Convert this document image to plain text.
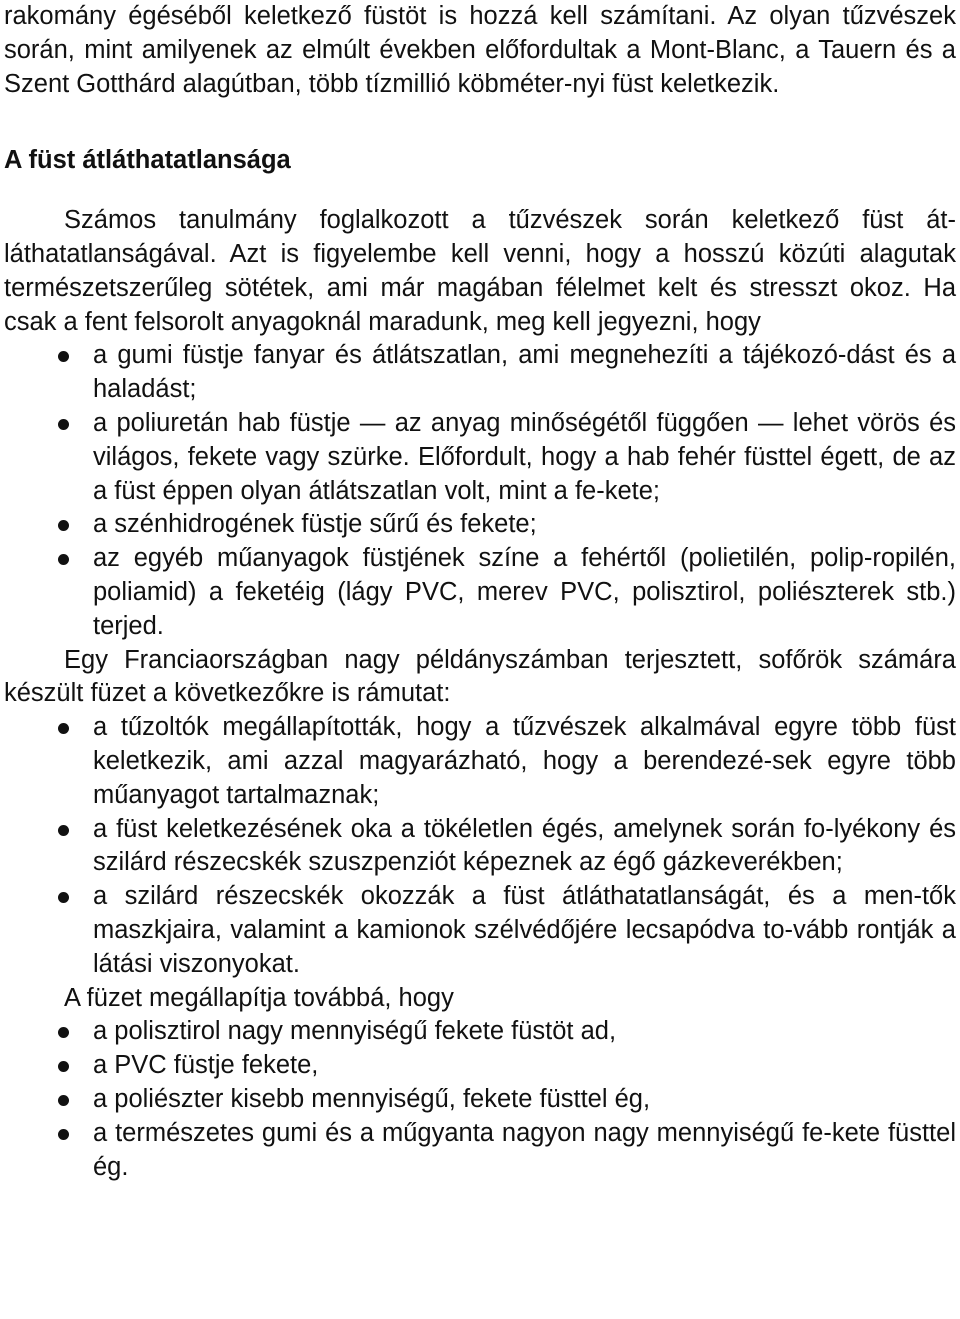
rakomány égéséből keletkező füstöt is hozzá kell számítani. Az olyan tűzvészek során, mint amilyenek az elmúlt években előfordultak a Mont-Blanc, a Tauern és a Szent Gotthárd alagútban, több tízmillió köbméter-nyi füst keletkezik.

A füst átláthatatlansága

Számos tanulmány foglalkozott a tűzvészek során keletkező füst át-láthatatlanságával. Azt is figyelembe kell venni, hogy a hosszú közúti alagutak természetszerűleg sötétek, ami már magában félelmet kelt és stresszt okoz. Ha csak a fent felsorolt anyagoknál maradunk, meg kell jegyezni, hogy

a gumi füstje fanyar és átlátszatlan, ami megnehezíti a tájékozó-dást és a haladást;
a poliuretán hab füstje — az anyag minőségétől függően — lehet vörös és világos, fekete vagy szürke. Előfordult, hogy a hab fehér füsttel égett, de az a füst éppen olyan átlátszatlan volt, mint a fe-kete;
a szénhidrogének füstje sűrű és fekete;
az egyéb műanyagok füstjének színe a fehértől (polietilén, polip-ropilén, poliamid) a feketéig (lágy PVC, merev PVC, polisztirol, poliészterek stb.) terjed.

Egy Franciaországban nagy példányszámban terjesztett, sofőrök számára készült füzet a következőkre is rámutat:

a tűzoltók megállapították, hogy a tűzvészek alkalmával egyre több füst keletkezik, ami azzal magyarázható, hogy a berendezé-sek egyre több műanyagot tartalmaznak;
a füst keletkezésének oka a tökéletlen égés, amelynek során fo-lyékony és szilárd részecskék szuszpenziót képeznek az égő gázkeverékben;
a szilárd részecskék okozzák a füst átláthatatlanságát, és a men-tők maszkjaira, valamint a kamionok szélvédőjére lecsapódva to-vább rontják a látási viszonyokat.

A füzet megállapítja továbbá, hogy

a polisztirol nagy mennyiségű fekete füstöt ad,
a PVC füstje fekete,
a poliészter kisebb mennyiségű, fekete füsttel ég,
a természetes gumi és a műgyanta nagyon nagy mennyiségű fe-kete füsttel ég.
